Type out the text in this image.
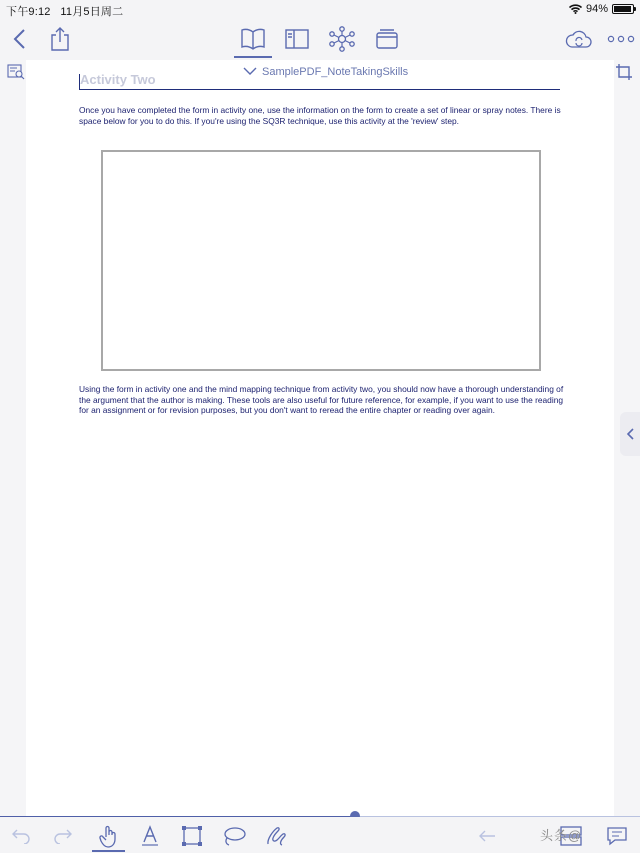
下午9:12 11月5日周二	94%
Activity Two

Once you have completed the form in activity one, use the information on the form to create a set of linear or spray notes. There is space below for you to do this. If you're using the SQ3R technique, use this activity at the 'review' step.

Using the form in activity one and the mind mapping technique from activity two, you should now have a thorough understanding of the argument that the author is making. These tools are also useful for future reference, for example, if you want to use the reading for an assignment or for revision purposes, but you don't want to reread the entire chapter or reading over again.

SamplePDF_NoteTakingSkills
头条@
